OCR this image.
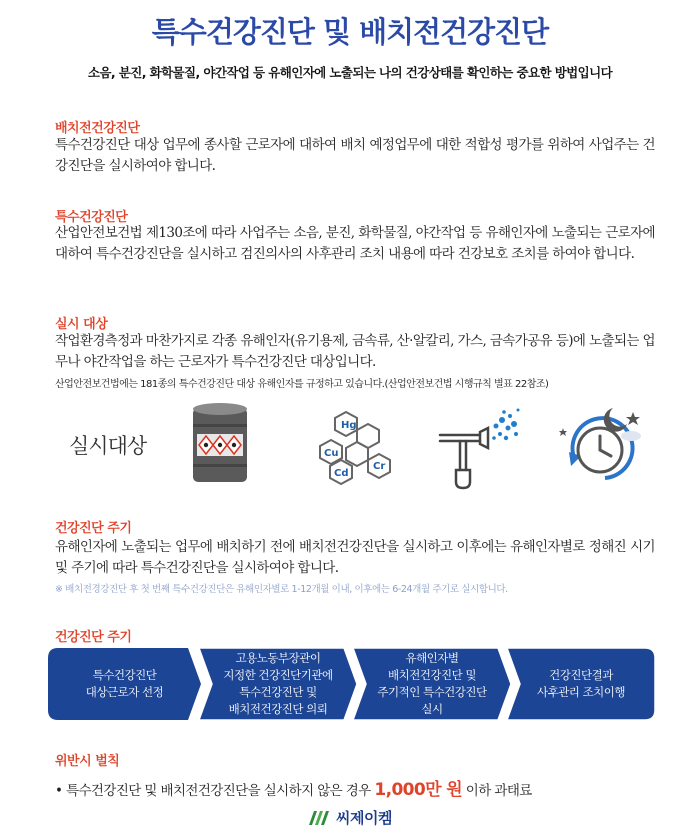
특수건강진단 및 배치전건강진단
소음, 분진, 화학물질, 야간작업 등 유해인자에 노출되는 나의 건강상태를 확인하는 중요한 방법입니다
배치전건강진단
특수건강진단 대상 업무에 종사할 근로자에 대하여 배치 예정업무에 대한 적합성 평가를 위하여 사업주는 건강진단을 실시하여야 합니다.
특수건강진단
산업안전보건법 제130조에 따라 사업주는 소음, 분진, 화학물질, 야간작업 등 유해인자에 노출되는 근로자에 대하여 특수건강진단을 실시하고 검진의사의 사후관리 조치 내용에 따라 건강보호 조치를 하여야 합니다.
실시 대상
작업환경측정과 마찬가지로 각종 유해인자(유기용제, 금속류, 산·알칼리, 가스, 금속가공유 등)에 노출되는 업무나 야간작업을 하는 근로자가 특수건강진단 대상입니다.
산업안전보건법에는 181종의 특수건강진단 대상 유해인자를 규정하고 있습니다.(산업안전보건법 시행규칙 별표 22참조)
실시대상
Hg
Cu
Cr
Cd
건강진단 주기
유해인자에 노출되는 업무에 배치하기 전에 배치전건강진단을 실시하고 이후에는 유해인자별로 정해진 시기 및 주기에 따라 특수건강진단을 실시하여야 합니다.
※ 배치전경강진단 후 첫 번째 특수건강진단은 유해인자별로 1-12개월 이내, 이후에는 6-24개월 주기로 실시합니다.
건강진단 주기
특수건강진단
대상근로자 선정
고용노동부장관이
지정한 건강진단기관에
특수건강진단 및
배치전건강진단 의뢰
유해인자별
배치전건강진단 및
주기적인 특수건강진단
실시
건강진단결과
사후관리 조치이행
위반시 벌칙
• 특수건강진단 및 배치전건강진단을 실시하지 않은 경우 1,000만 원 이하 과태료
씨제이켐
